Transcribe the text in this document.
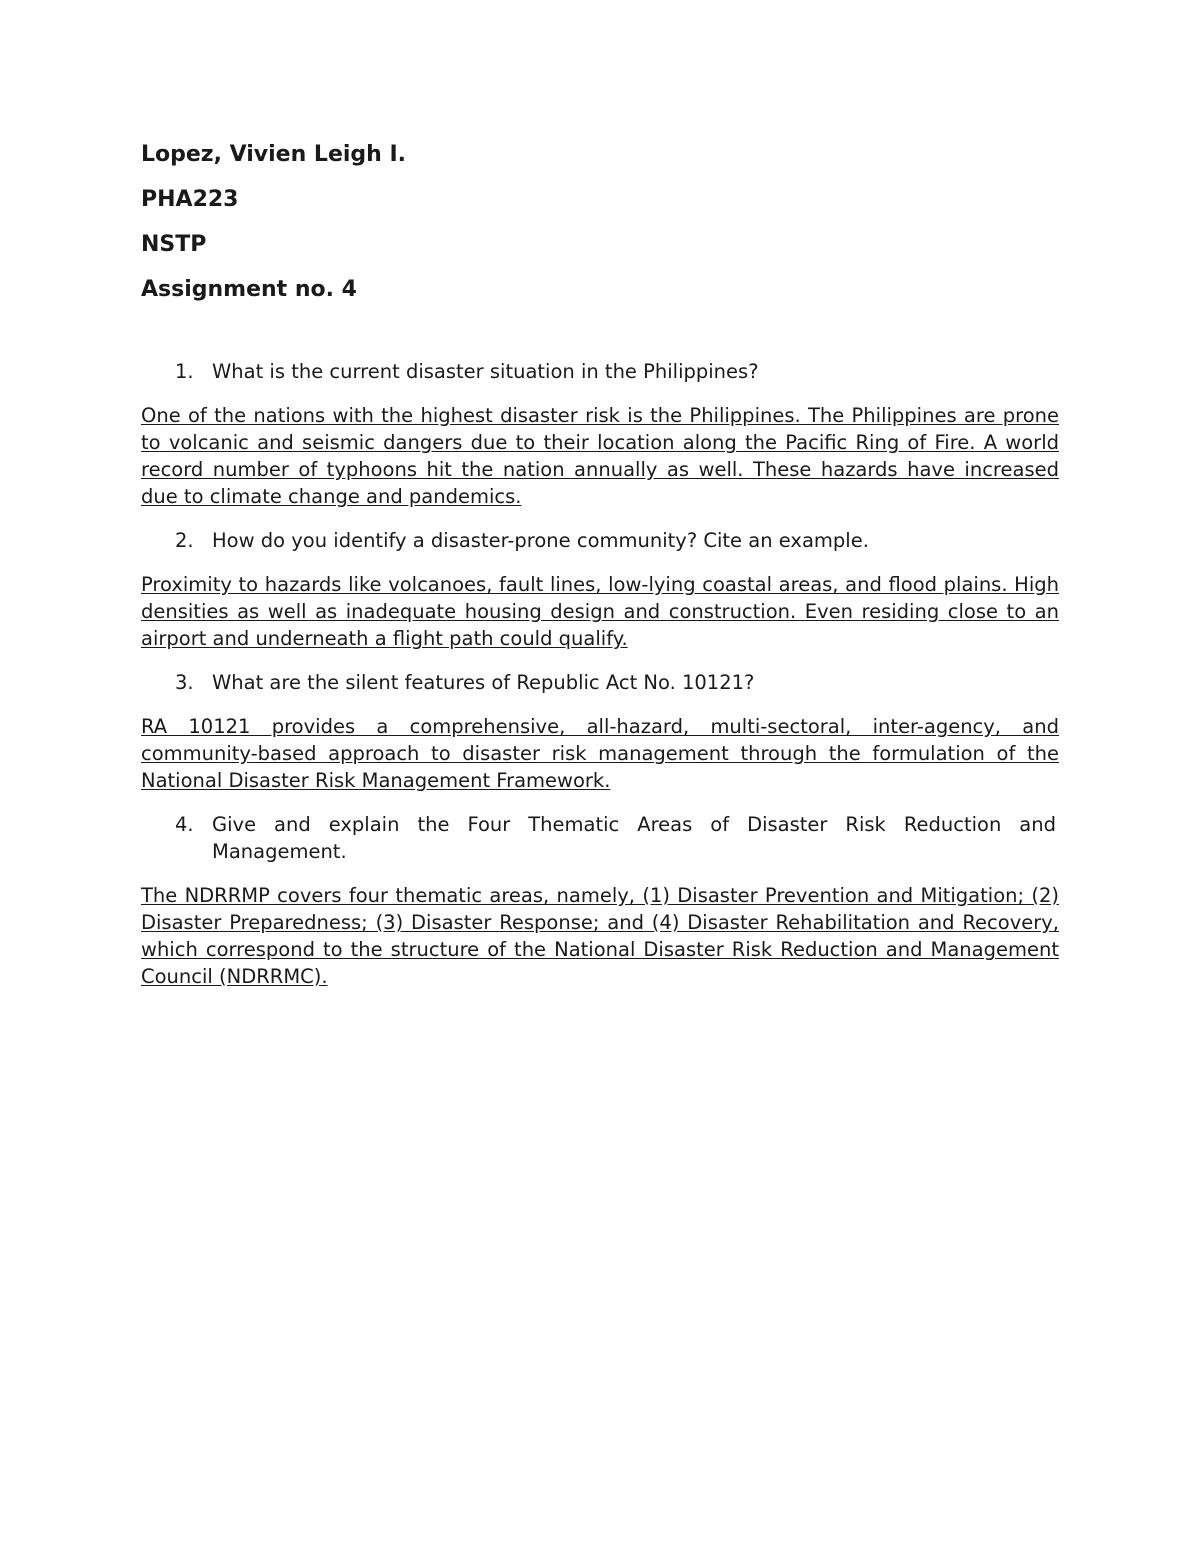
Lopez, Vivien Leigh I.
PHA223
NSTP
Assignment no. 4
1. What is the current disaster situation in the Philippines?
One of the nations with the highest disaster risk is the Philippines. The Philippines are prone to volcanic and seismic dangers due to their location along the Pacific Ring of Fire. A world record number of typhoons hit the nation annually as well. These hazards have increased due to climate change and pandemics.
2. How do you identify a disaster-prone community? Cite an example.
Proximity to hazards like volcanoes, fault lines, low-lying coastal areas, and flood plains. High densities as well as inadequate housing design and construction. Even residing close to an airport and underneath a flight path could qualify.
3. What are the silent features of Republic Act No. 10121?
RA 10121 provides a comprehensive, all-hazard, multi-sectoral, inter-agency, and community-based approach to disaster risk management through the formulation of the National Disaster Risk Management Framework.
4. Give and explain the Four Thematic Areas of Disaster Risk Reduction and Management.
The NDRRMP covers four thematic areas, namely, (1) Disaster Prevention and Mitigation; (2) Disaster Preparedness; (3) Disaster Response; and (4) Disaster Rehabilitation and Recovery, which correspond to the structure of the National Disaster Risk Reduction and Management Council (NDRRMC).
